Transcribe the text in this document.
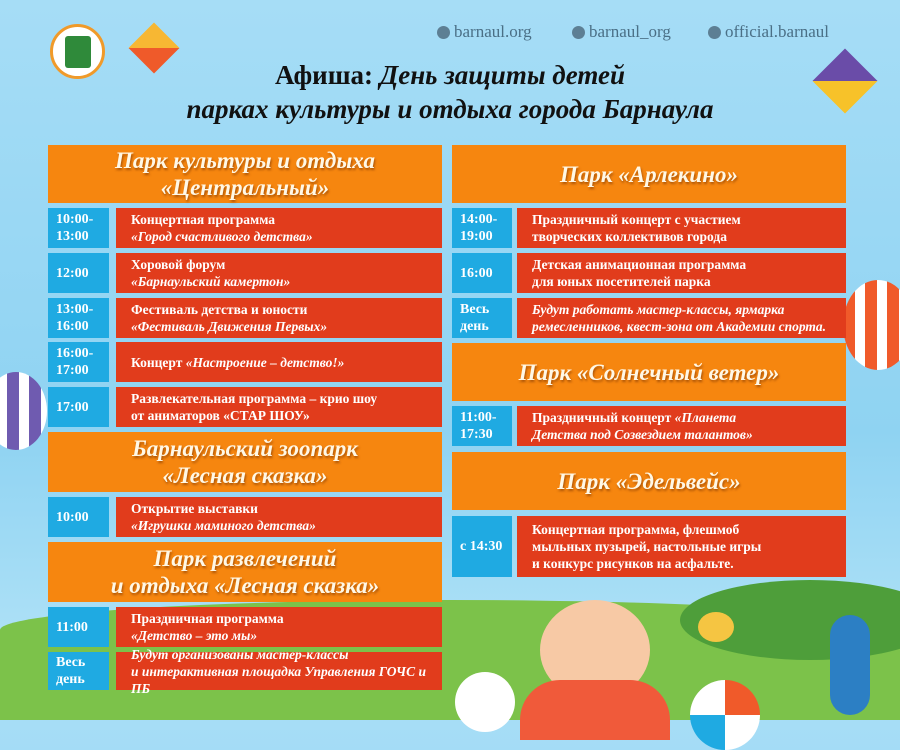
barnaul.org	barnaul_org	official.barnaul
Афиша: День защиты детей
парках культуры и отдыха города Барнаула
Парк культуры и отдыха
«Центральный»
10:00-
13:00
Концертная программа
«Город счастливого детства»
12:00
Хоровой форум
«Барнаульский камертон»
13:00-
16:00
Фестиваль детства и юности
«Фестиваль Движения Первых»
16:00-
17:00
Концерт «Настроение – детство!»
17:00
Развлекательная программа – крио шоу
от аниматоров «СТАР ШОУ»
Барнаульский зоопарк
«Лесная сказка»
10:00
Открытие выставки
«Игрушки маминого детства»
Парк развлечений
и отдыха «Лесная сказка»
11:00
Праздничная программа
«Детство – это мы»
Весь
день
Будут организованы мастер-классы
и интерактивная площадка Управления ГОЧС и ПБ
Парк «Арлекино»
14:00-
19:00
Праздничный концерт с участием
творческих коллективов города
16:00
Детская анимационная программа
для юных посетителей парка
Весь
день
Будут работать мастер-классы, ярмарка
ремесленников, квест-зона от Академии спорта.
Парк «Солнечный ветер»
11:00-
17:30
Праздничный концерт «Планета
Детства под Созвездием талантов»
Парк «Эдельвейс»
с 14:30
Концертная программа, флешмоб
мыльных пузырей, настольные игры
и конкурс рисунков на асфальте.
